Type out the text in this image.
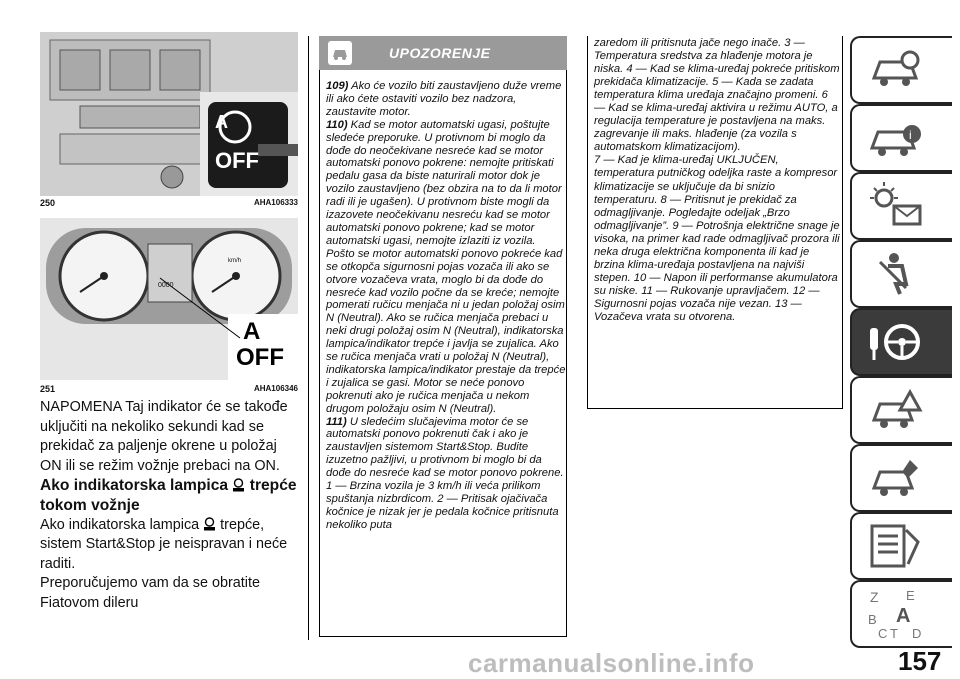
A
OFF
250	AHA106333
0000
km/h
A
OFF
251	AHA106346

NAPOMENA Taj indikator će se takođe uključiti na nekoliko sekundi kad se prekidač za paljenje okrene u položaj ON ili se režim vožnje prebaci na ON.

Ako indikatorska lampica trepće tokom vožnje

Ako indikatorska lampica trepće, sistem Start&Stop je neispravan i neće raditi.

Preporučujemo vam da se obratite Fiatovom dileru

UPOZORENJE

109) Ako će vozilo biti zaustavljeno duže vreme ili ako ćete ostaviti vozilo bez nadzora, zaustavite motor.

110) Kad se motor automatski ugasi, poštujte sledeće preporuke. U protivnom bi moglo da dođe do neočekivane nesreće kad se motor automatski ponovo pokrene: nemojte pritiskati pedalu gasa da biste naturirali motor dok je vozilo zaustavljeno (bez obzira na to da li motor radi ili je ugašen). U protivnom biste mogli da izazovete neočekivanu nesreću kad se motor automatski ponovo pokrene; kad se motor automatski ugasi, nemojte izlaziti iz vozila. Pošto se motor automatski ponovo pokreće kad se otkopča sigurnosni pojas vozača ili ako se otvore vozačeva vrata, moglo bi da dođe do nesreće kad vozilo počne da se kreće; nemojte pomerati ručicu menjača ni u jedan položaj osim N (Neutral). Ako se ručica menjača prebaci u neki drugi položaj osim N (Neutral), indikatorska lampica/indikator trepće i javlja se zujalica. Ako se ručica menjača vrati u položaj N (Neutral), indikatorska lampica/indikator prestaje da trepće i zujalica se gasi. Motor se neće ponovo pokrenuti ako je ručica menjača u nekom drugom položaju osim N (Neutral).

111) U sledećim slučajevima motor će se automatski ponovo pokrenuti čak i ako je zaustavljen sistemom Start&Stop. Budite izuzetno pažljivi, u protivnom bi moglo bi da dođe do nesreće kad se motor ponovo pokrene. 1 — Brzina vozila je 3 km/h ili veća prilikom spuštanja nizbrdicom. 2 — Pritisak ojačivača kočnice je nizak jer je pedala kočnice pritisnuta nekoliko puta

zaredom ili pritisnuta jače nego inače. 3 — Temperatura sredstva za hlađenje motora je niska. 4 — Kad se klima-uređaj pokreće pritiskom prekidača klimatizacije. 5 — Kada se zadata temperatura klima uređaja značajno promeni. 6 — Kad se klima-uređaj aktivira u režimu AUTO, a regulacija temperature je postavljena na maks. zagrevanje ili maks. hlađenje (za vozila s automatskom klimatizacijom).

7 — Kad je klima-uređaj UKLJUČEN, temperatura putničkog odeljka raste a kompresor klimatizacije se uključuje da bi snizio temperaturu. 8 — Pritisnut je prekidač za odmagljivanje. Pogledajte odeljak „Brzo odmagljivanje”. 9 — Potrošnja električne snage je visoka, na primer kad rade odmagljivač prozora ili neka druga električna komponenta ili kad je brzina klima-uređaja postavljena na najviši stepen. 10 — Napon ili performanse akumulatora su niske. 11 — Rukovanje upravljačem. 12 — Sigurnosni pojas vozača nije vezan. 13 — Vozačeva vrata su otvorena.

i
Z E
B A
C T D
carmanualsonline.info	157
